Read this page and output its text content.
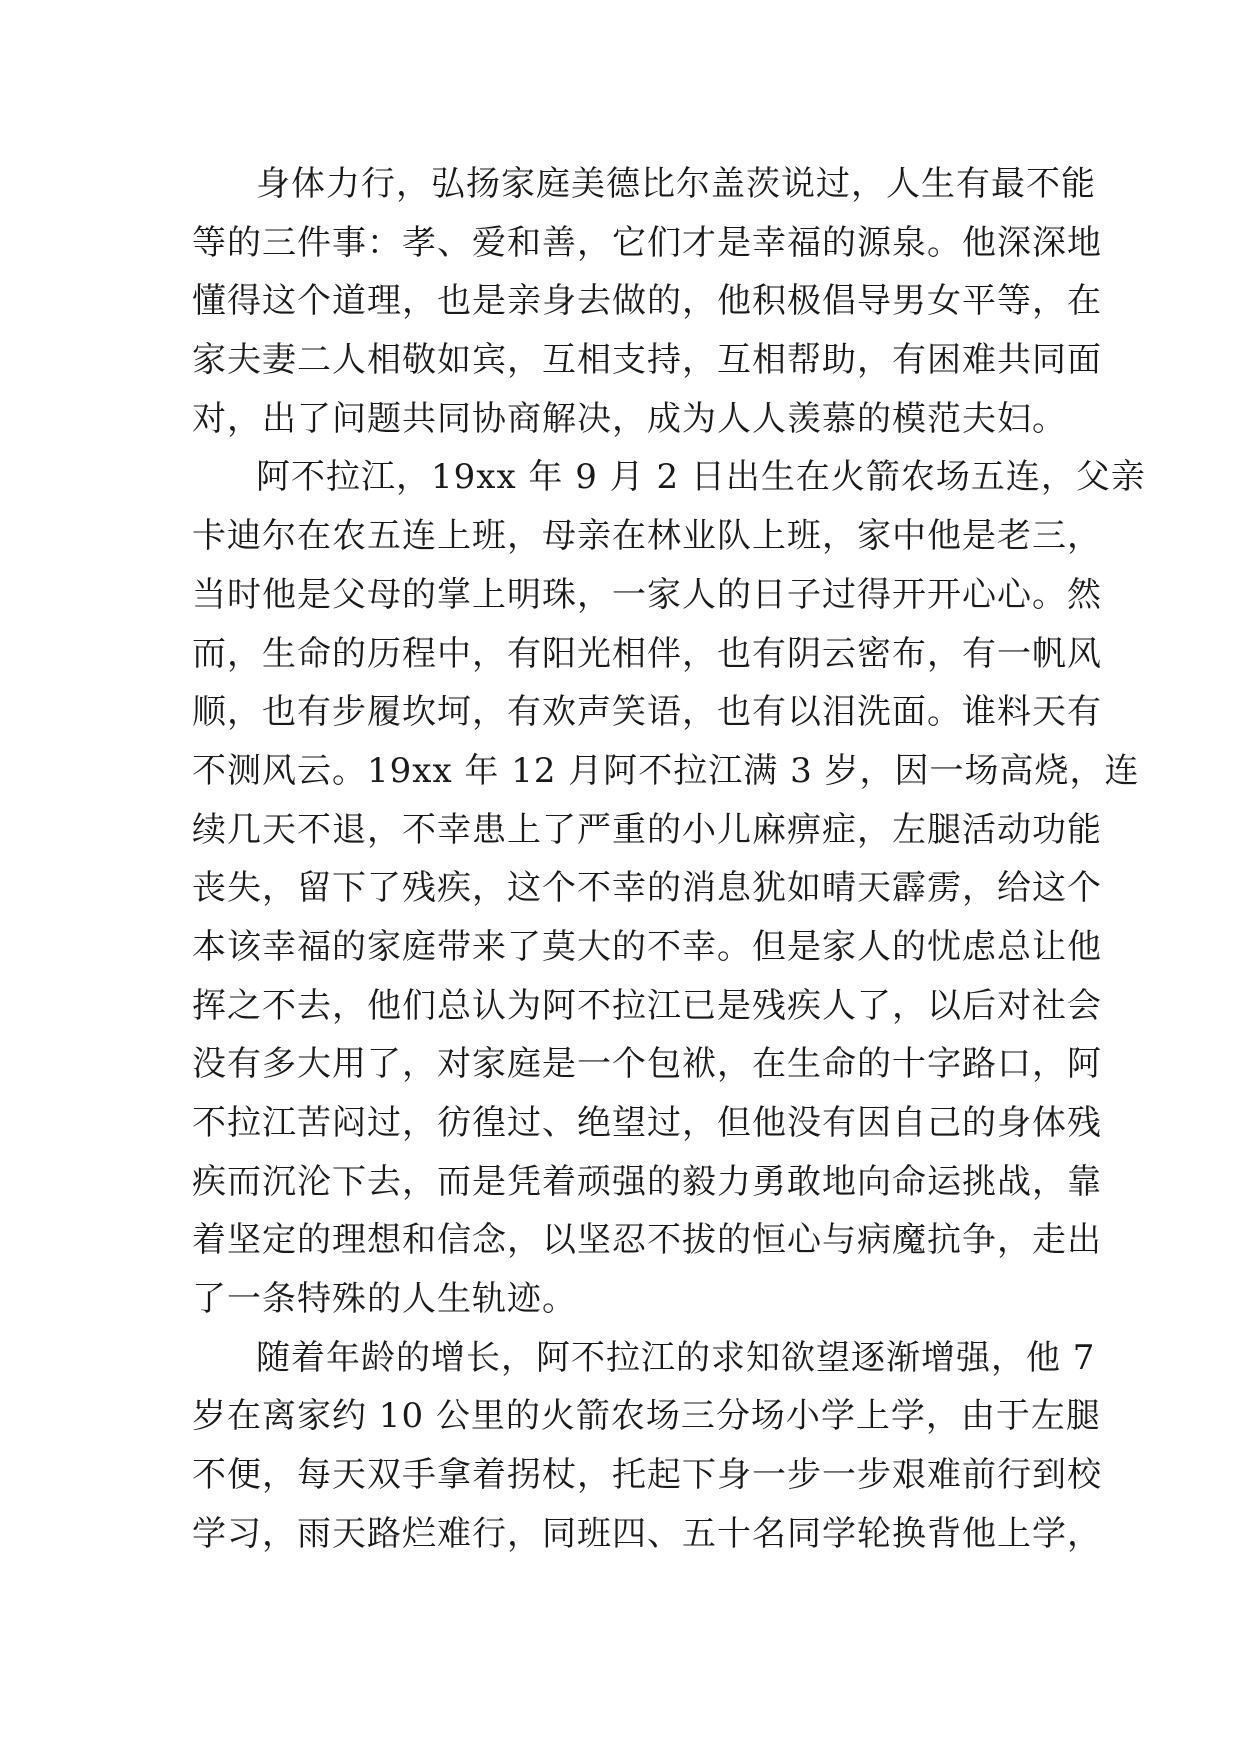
身体力行，弘扬家庭美德比尔盖茨说过，人生有最不能
等的三件事：孝、爱和善，它们才是幸福的源泉。他深深地
懂得这个道理，也是亲身去做的，他积极倡导男女平等，在
家夫妻二人相敬如宾，互相支持，互相帮助，有困难共同面
对，出了问题共同协商解决，成为人人羡慕的模范夫妇。
阿不拉江，19xx 年 9 月 2 日出生在火箭农场五连，父亲
卡迪尔在农五连上班，母亲在林业队上班，家中他是老三，
当时他是父母的掌上明珠，一家人的日子过得开开心心。然
而，生命的历程中，有阳光相伴，也有阴云密布，有一帆风
顺，也有步履坎坷，有欢声笑语，也有以泪洗面。谁料天有
不测风云。19xx 年 12 月阿不拉江满 3 岁，因一场高烧，连
续几天不退，不幸患上了严重的小儿麻痹症，左腿活动功能
丧失，留下了残疾，这个不幸的消息犹如晴天霹雳，给这个
本该幸福的家庭带来了莫大的不幸。但是家人的忧虑总让他
挥之不去，他们总认为阿不拉江已是残疾人了，以后对社会
没有多大用了，对家庭是一个包袱，在生命的十字路口，阿
不拉江苦闷过，彷徨过、绝望过，但他没有因自己的身体残
疾而沉沦下去，而是凭着顽强的毅力勇敢地向命运挑战，靠
着坚定的理想和信念，以坚忍不拔的恒心与病魔抗争，走出
了一条特殊的人生轨迹。
随着年龄的增长，阿不拉江的求知欲望逐渐增强，他 7
岁在离家约 10 公里的火箭农场三分场小学上学，由于左腿
不便，每天双手拿着拐杖，托起下身一步一步艰难前行到校
学习，雨天路烂难行，同班四、五十名同学轮换背他上学，
